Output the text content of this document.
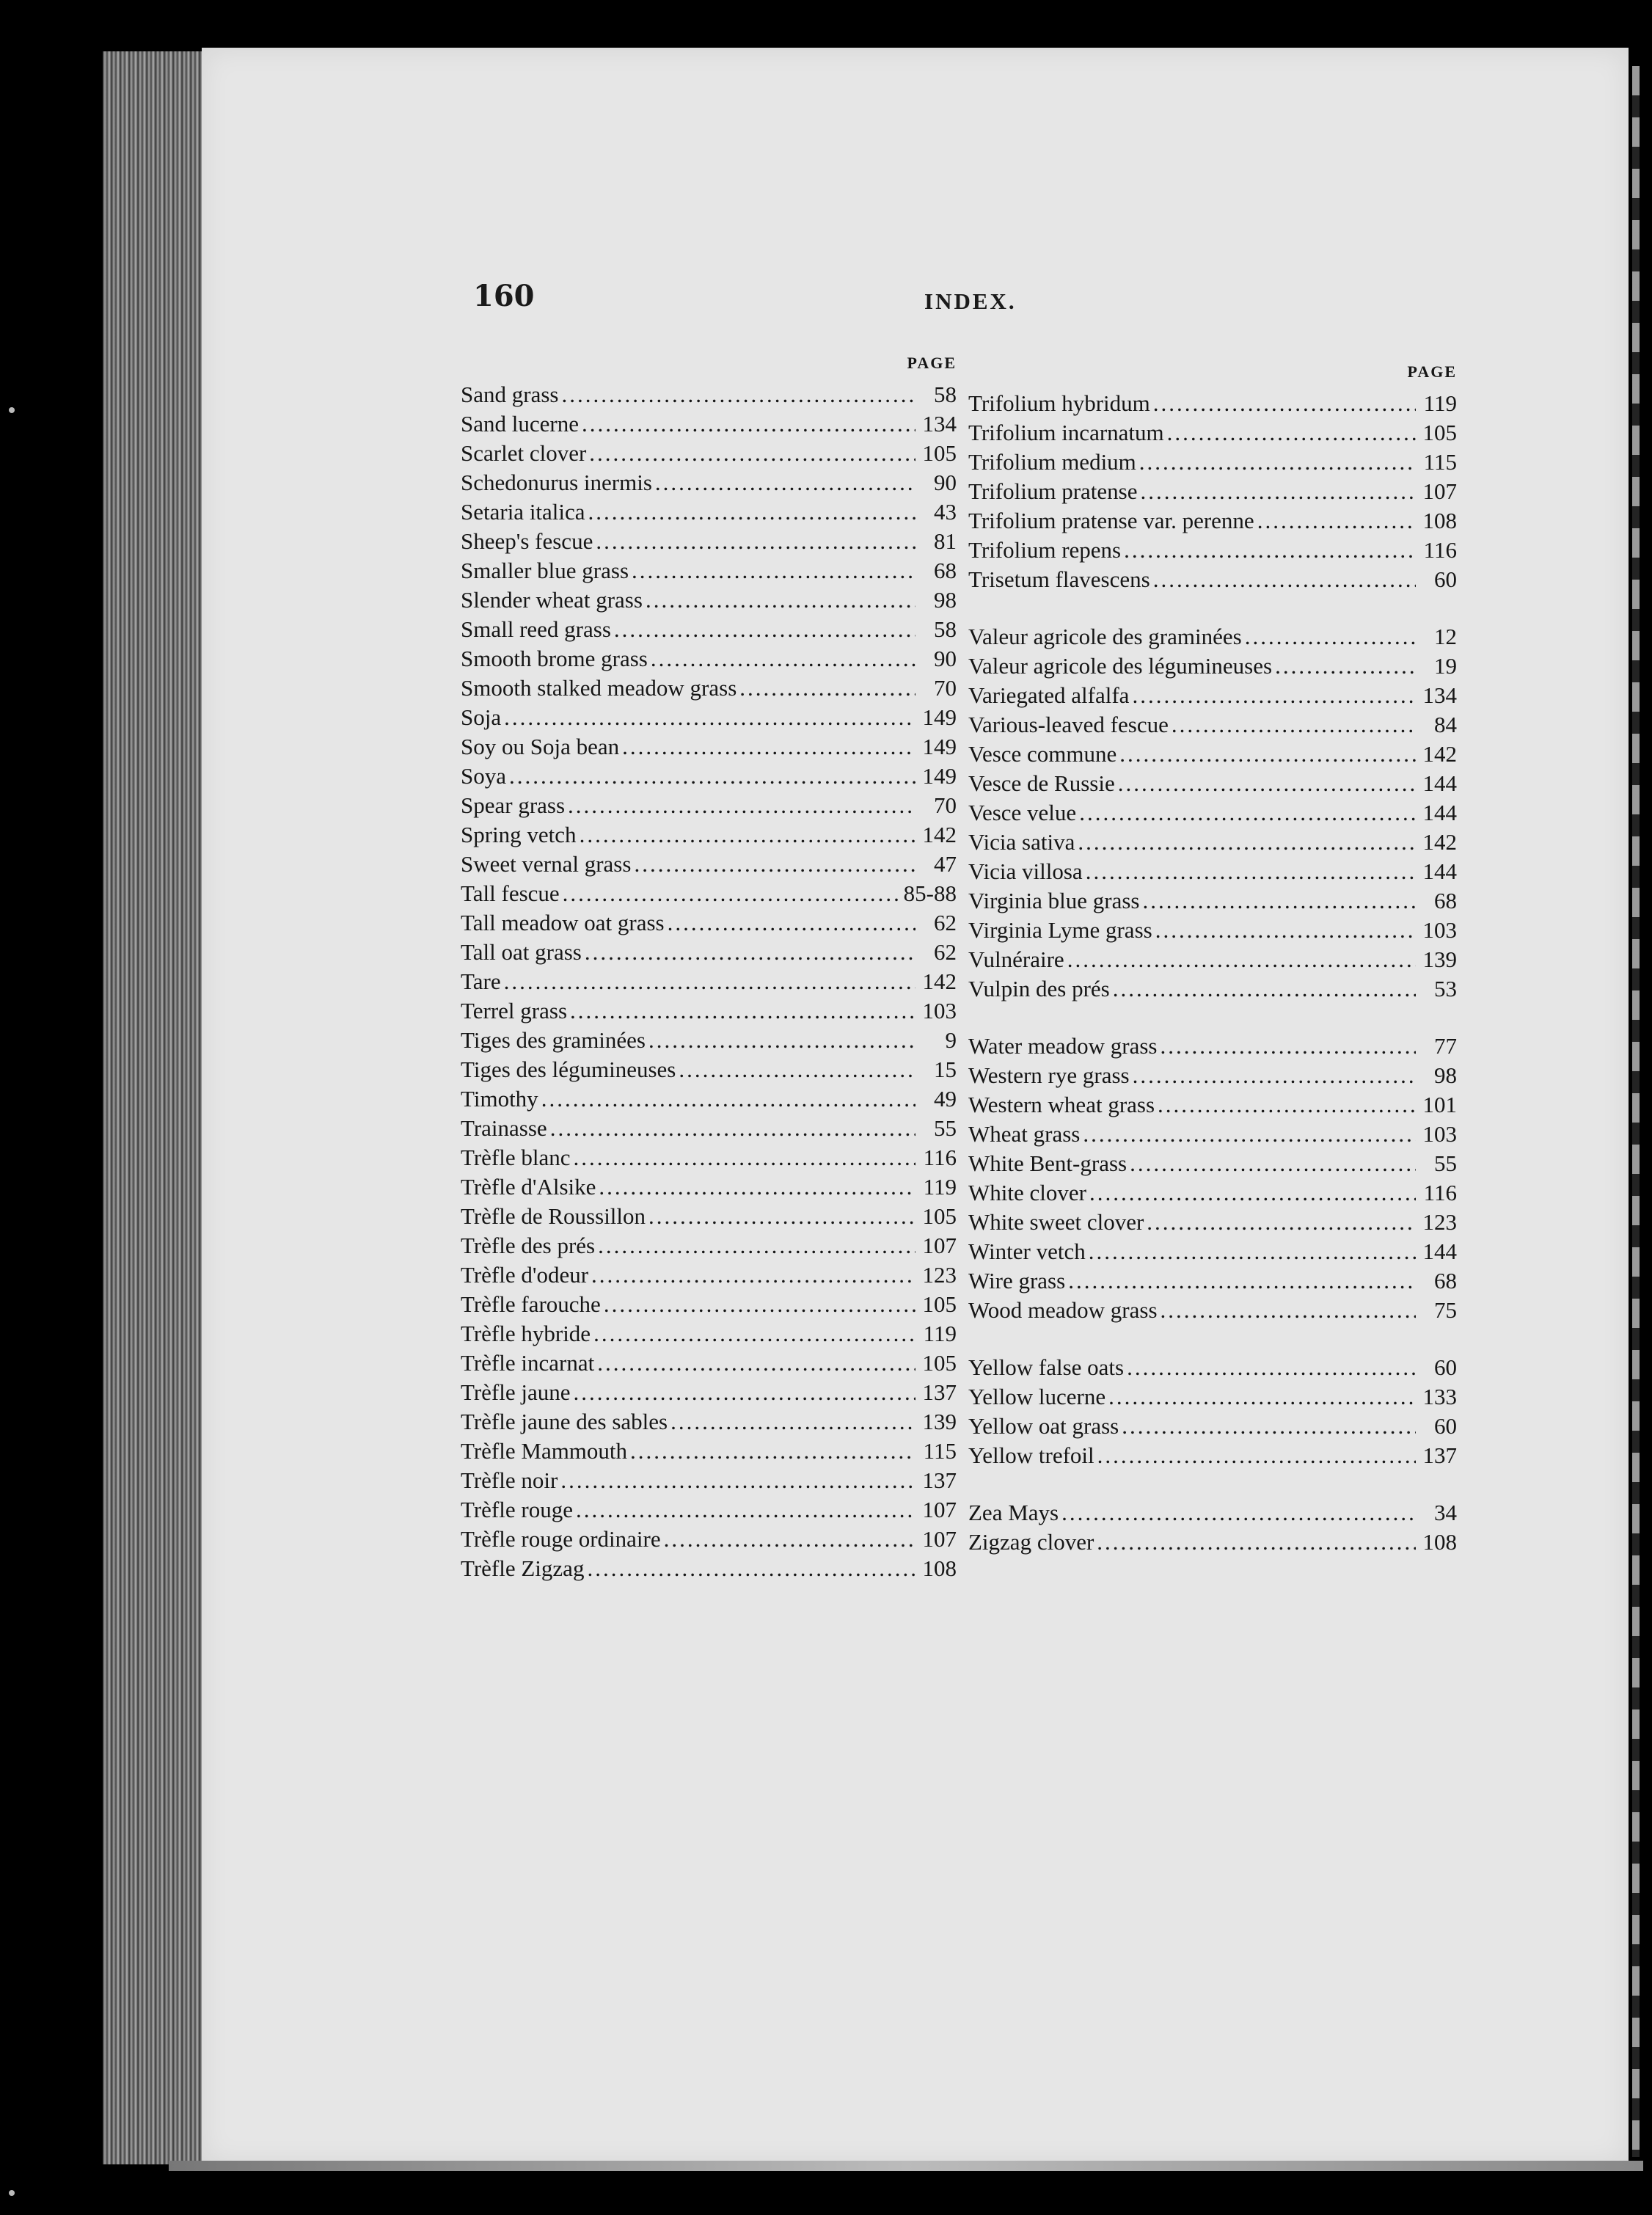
160	INDEX.
PAGE
Sand grass .....	58
Sand lucerne .....	134
Scarlet clover .....	105
Schedonurus inermis .....	90
Setaria italica .....	43
Sheep's fescue .....	81
Smaller blue grass .....	68
Slender wheat grass .....	98
Small reed grass .....	58
Smooth brome grass .....	90
Smooth stalked meadow grass .....	70
Soja .....	149
Soy ou Soja bean .....	149
Soya .....	149
Spear grass .....	70
Spring vetch .....	142
Sweet vernal grass .....	47
Tall fescue .....	85-88
Tall meadow oat grass .....	62
Tall oat grass .....	62
Tare .....	142
Terrel grass .....	103
Tiges des graminées .....	9
Tiges des légumineuses .....	15
Timothy .....	49
Trainasse .....	55
Trèfle blanc .....	116
Trèfle d'Alsike .....	119
Trèfle de Roussillon .....	105
Trèfle des prés .....	107
Trèfle d'odeur .....	123
Trèfle farouche .....	105
Trèfle hybride .....	119
Trèfle incarnat .....	105
Trèfle jaune .....	137
Trèfle jaune des sables .....	139
Trèfle Mammouth .....	115
Trèfle noir .....	137
Trèfle rouge .....	107
Trèfle rouge ordinaire .....	107
Trèfle Zigzag .....	108
PAGE
Trifolium hybridum .....	119
Trifolium incarnatum .....	105
Trifolium medium .....	115
Trifolium pratense .....	107
Trifolium pratense var. perenne .....	108
Trifolium repens .....	116
Trisetum flavescens .....	60
Valeur agricole des graminées .....	12
Valeur agricole des légumineuses .....	19
Variegated alfalfa .....	134
Various-leaved fescue .....	84
Vesce commune .....	142
Vesce de Russie .....	144
Vesce velue .....	144
Vicia sativa .....	142
Vicia villosa .....	144
Virginia blue grass .....	68
Virginia Lyme grass .....	103
Vulnéraire .....	139
Vulpin des prés .....	53
Water meadow grass .....	77
Western rye grass .....	98
Western wheat grass .....	101
Wheat grass .....	103
White Bent-grass .....	55
White clover .....	116
White sweet clover .....	123
Winter vetch .....	144
Wire grass .....	68
Wood meadow grass .....	75
Yellow false oats .....	60
Yellow lucerne .....	133
Yellow oat grass .....	60
Yellow trefoil .....	137
Zea Mays .....	34
Zigzag clover .....	108
